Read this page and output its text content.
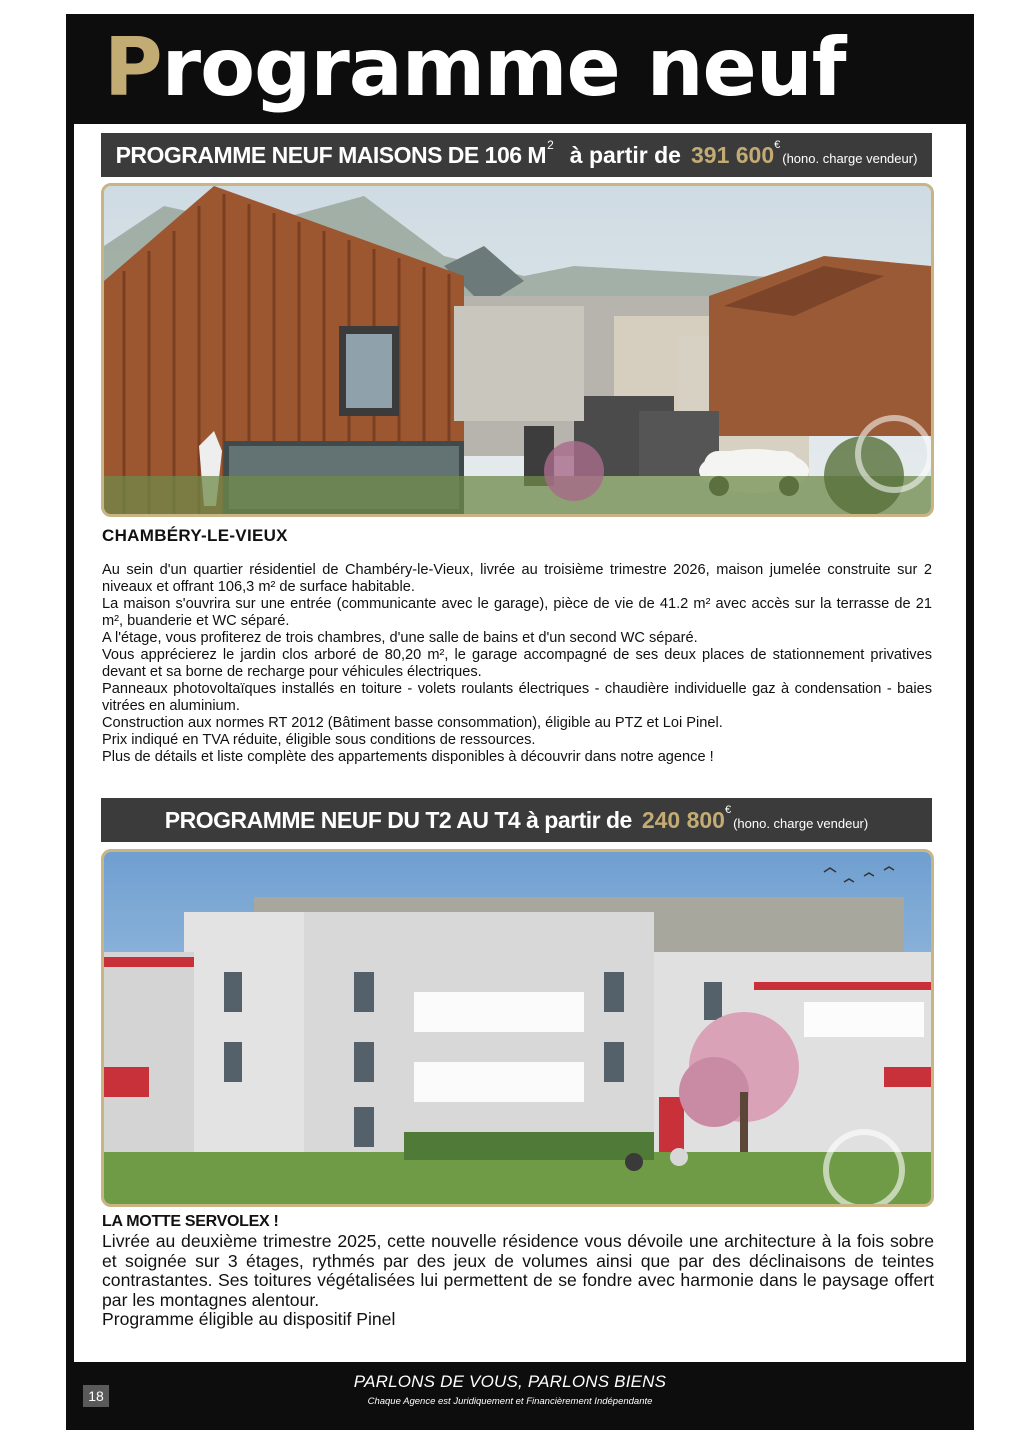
Programme neuf
PROGRAMME NEUF MAISONS DE 106 M 2 à partir de 391 600 €
(hono. charge vendeur)
CHAMBÉRY-LE-VIEUX

Au sein d'un quartier résidentiel de Chambéry-le-Vieux, livrée au troisième trimestre 2026, maison jumelée construite sur 2 niveaux et offrant 106,3 m² de surface habitable.

La maison s'ouvrira sur une entrée (communicante avec le garage), pièce de vie de 41.2 m² avec accès sur la terrasse de 21 m², buanderie et WC séparé.

A l'étage, vous profiterez de trois chambres, d'une salle de bains et d'un second WC séparé.

Vous apprécierez le jardin clos arboré de 80,20 m², le garage accompagné de ses deux places de stationnement privatives devant et sa borne de recharge pour véhicules électriques.

Panneaux photovoltaïques installés en toiture - volets roulants électriques - chaudière individuelle gaz à condensation - baies vitrées en aluminium.

Construction aux normes RT 2012 (Bâtiment basse consommation), éligible au PTZ et Loi Pinel.

Prix indiqué en TVA réduite, éligible sous conditions de ressources.

Plus de détails et liste complète des appartements disponibles à découvrir dans notre agence !

PROGRAMME NEUF DU T2 AU T4 à partir de 240 800 €
(hono. charge vendeur)
LA MOTTE SERVOLEX !

Livrée au deuxième trimestre 2025, cette nouvelle résidence vous dévoile une architecture à la fois sobre et soignée sur 3 étages, rythmés par des jeux de volumes ainsi que par des déclinaisons de teintes contrastantes. Ses toitures végétalisées lui permettent de se fondre avec harmonie dans le paysage offert par les montagnes alentour.

Programme éligible au dispositif Pinel

18
PARLONS DE VOUS, PARLONS BIENS
Chaque Agence est Juridiquement et Financièrement Indépendante
